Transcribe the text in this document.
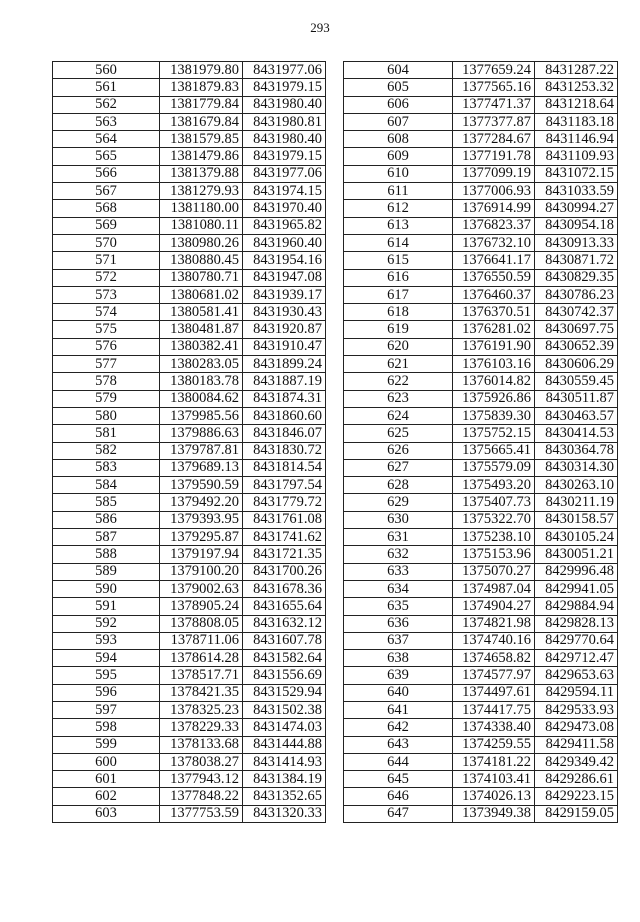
293
560	1381979.80	8431977.06
561	1381879.83	8431979.15
562	1381779.84	8431980.40
563	1381679.84	8431980.81
564	1381579.85	8431980.40
565	1381479.86	8431979.15
566	1381379.88	8431977.06
567	1381279.93	8431974.15
568	1381180.00	8431970.40
569	1381080.11	8431965.82
570	1380980.26	8431960.40
571	1380880.45	8431954.16
572	1380780.71	8431947.08
573	1380681.02	8431939.17
574	1380581.41	8431930.43
575	1380481.87	8431920.87
576	1380382.41	8431910.47
577	1380283.05	8431899.24
578	1380183.78	8431887.19
579	1380084.62	8431874.31
580	1379985.56	8431860.60
581	1379886.63	8431846.07
582	1379787.81	8431830.72
583	1379689.13	8431814.54
584	1379590.59	8431797.54
585	1379492.20	8431779.72
586	1379393.95	8431761.08
587	1379295.87	8431741.62
588	1379197.94	8431721.35
589	1379100.20	8431700.26
590	1379002.63	8431678.36
591	1378905.24	8431655.64
592	1378808.05	8431632.12
593	1378711.06	8431607.78
594	1378614.28	8431582.64
595	1378517.71	8431556.69
596	1378421.35	8431529.94
597	1378325.23	8431502.38
598	1378229.33	8431474.03
599	1378133.68	8431444.88
600	1378038.27	8431414.93
601	1377943.12	8431384.19
602	1377848.22	8431352.65
603	1377753.59	8431320.33
604	1377659.24	8431287.22
605	1377565.16	8431253.32
606	1377471.37	8431218.64
607	1377377.87	8431183.18
608	1377284.67	8431146.94
609	1377191.78	8431109.93
610	1377099.19	8431072.15
611	1377006.93	8431033.59
612	1376914.99	8430994.27
613	1376823.37	8430954.18
614	1376732.10	8430913.33
615	1376641.17	8430871.72
616	1376550.59	8430829.35
617	1376460.37	8430786.23
618	1376370.51	8430742.37
619	1376281.02	8430697.75
620	1376191.90	8430652.39
621	1376103.16	8430606.29
622	1376014.82	8430559.45
623	1375926.86	8430511.87
624	1375839.30	8430463.57
625	1375752.15	8430414.53
626	1375665.41	8430364.78
627	1375579.09	8430314.30
628	1375493.20	8430263.10
629	1375407.73	8430211.19
630	1375322.70	8430158.57
631	1375238.10	8430105.24
632	1375153.96	8430051.21
633	1375070.27	8429996.48
634	1374987.04	8429941.05
635	1374904.27	8429884.94
636	1374821.98	8429828.13
637	1374740.16	8429770.64
638	1374658.82	8429712.47
639	1374577.97	8429653.63
640	1374497.61	8429594.11
641	1374417.75	8429533.93
642	1374338.40	8429473.08
643	1374259.55	8429411.58
644	1374181.22	8429349.42
645	1374103.41	8429286.61
646	1374026.13	8429223.15
647	1373949.38	8429159.05
